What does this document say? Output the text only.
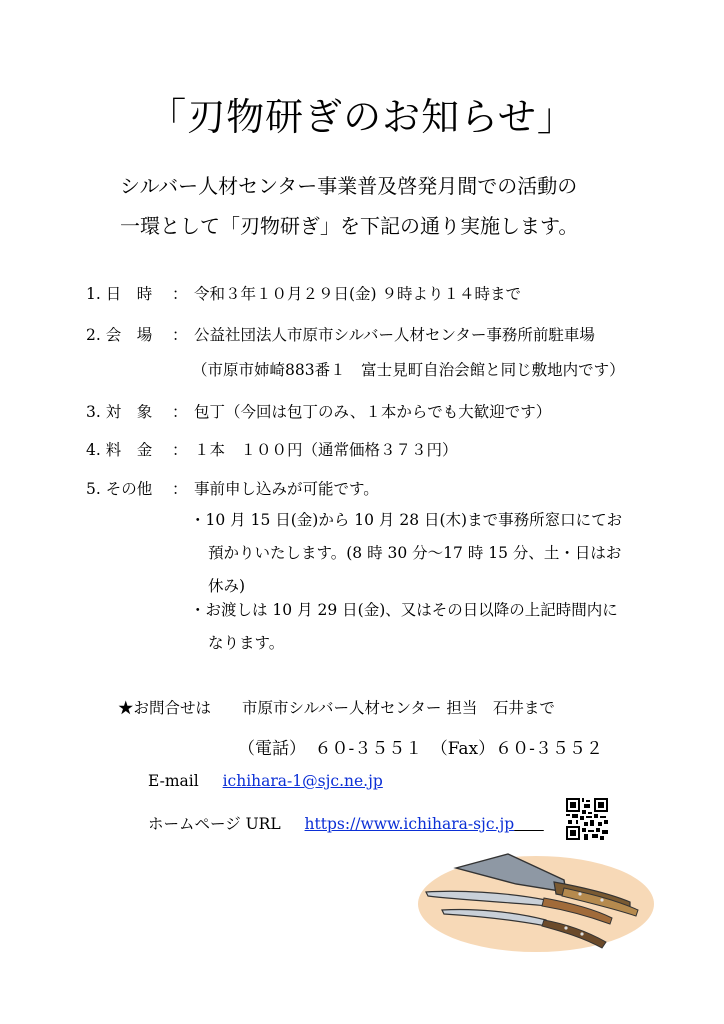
「刃物研ぎのお知らせ」
シルバー人材センター事業普及啓発月間での活動の
一環として「刃物研ぎ」を下記の通り実施します。
1. 日　時 ： 令和３年１０月２９日(金) ９時より１４時まで
2. 会　場 ： 公益社団法人市原市シルバー人材センター事務所前駐車場
（市原市姉崎883番１　富士見町自治会館と同じ敷地内です）
3. 対　象 ： 包丁（今回は包丁のみ、１本からでも大歓迎です）
4. 料　金 ： １本　１００円（通常価格３７３円）
5. その他 ： 事前申し込みが可能です。
・10 月 15 日(金)から 10 月 28 日(木)まで事務所窓口にてお
預かりいたします。(8 時 30 分〜17 時 15 分、土・日はお
休み)
・お渡しは 10 月 29 日(金)、又はその日以降の上記時間内に
なります。
★お問合せは　　市原市シルバー人材センター 担当　石井まで
（電話）　６０-３５５１　（Fax）６０-３５５２
E-mail ichihara-1@sjc.ne.jp
ホームページ URL https://www.ichihara-sjc.jp
